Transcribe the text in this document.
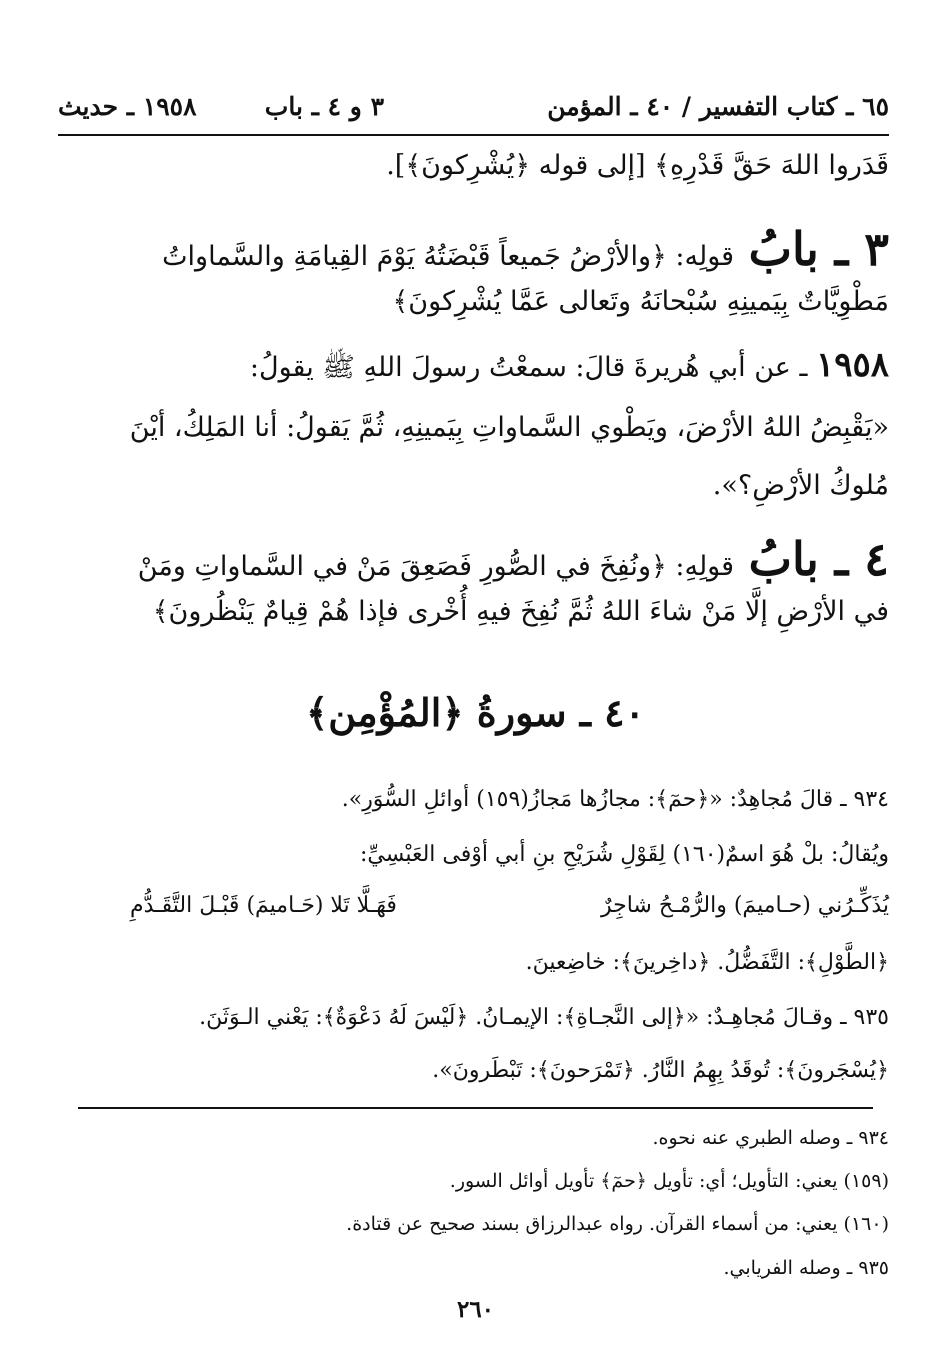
٦٥ ـ كتاب التفسير / ٤٠ ـ المؤمن
٣ و ٤ ـ باب
١٩٥٨ ـ حديث
قَدَروا اللهَ حَقَّ قَدْرِهِ﴾ [إلى قوله ﴿يُشْرِكونَ﴾].
٣ ـ بابُ قولِه: ﴿والأرْضُ جَميعاً قَبْضَتُهُ يَوْمَ القِيامَةِ والسَّماواتُ
مَطْوِيَّاتٌ بِيَمينِهِ سُبْحانَهُ وتَعالى عَمَّا يُشْرِكونَ﴾
١٩٥٨ ـ عن أبي هُريرةَ قالَ: سمعْتُ رسولَ اللهِ ﷺ يقولُ:
«يَقْبِضُ اللهُ الأرْضَ، ويَطْوي السَّماواتِ بِيَمينِهِ، ثُمَّ يَقولُ: أنا المَلِكُ، أيْنَ
مُلوكُ الأرْضِ؟».
٤ ـ بابُ قولِهِ: ﴿ونُفِخَ في الصُّورِ فَصَعِقَ مَنْ في السَّماواتِ ومَنْ
في الأرْضِ إلَّا مَنْ شاءَ اللهُ ثُمَّ نُفِخَ فيهِ أُخْرى فإذا هُمْ قِيامٌ يَنْظُرونَ﴾
٤٠ ـ سورةُ ﴿المُؤْمِن﴾
٩٣٤ ـ قالَ مُجاهِدٌ: «﴿حمٓ﴾: مجازُها مَجازُ(١٥٩) أوائلِ السُّوَرِ».
ويُقالُ: بلْ هُوَ اسمٌ(١٦٠) لِقَوْلِ شُرَيْحِ بنِ أبي أوْفى العَبْسِيِّ:
يُذَكِّـرُني (حـاميمَ) والرُّمْـحُ شاجِرٌ
فَهَـلَّا تَلا (حَـاميمَ) قَبْـلَ التَّقَـدُّمِ
﴿الطَّوْلِ﴾: التَّفَضُّلُ. ﴿داخِرينَ﴾: خاضِعينَ.
٩٣٥ ـ وقـالَ مُجاهِـدٌ: «﴿إلى النَّجـاةِ﴾: الإيمـانُ. ﴿لَيْسَ لَهُ دَعْوَةٌ﴾: يَعْني الـوَثَنَ.
﴿يُسْجَرونَ﴾: تُوقَدُ بِهِمُ النَّارُ. ﴿تَمْرَحونَ﴾: تَبْطَرونَ».
٩٣٤ ـ وصله الطبري عنه نحوه.
(١٥٩) يعني: التأويل؛ أي: تأويل ﴿حمٓ﴾ تأويل أوائل السور.
(١٦٠) يعني: من أسماء القرآن. رواه عبدالرزاق بسند صحيح عن قتادة.
٩٣٥ ـ وصله الفريابي.
٢٦٠
